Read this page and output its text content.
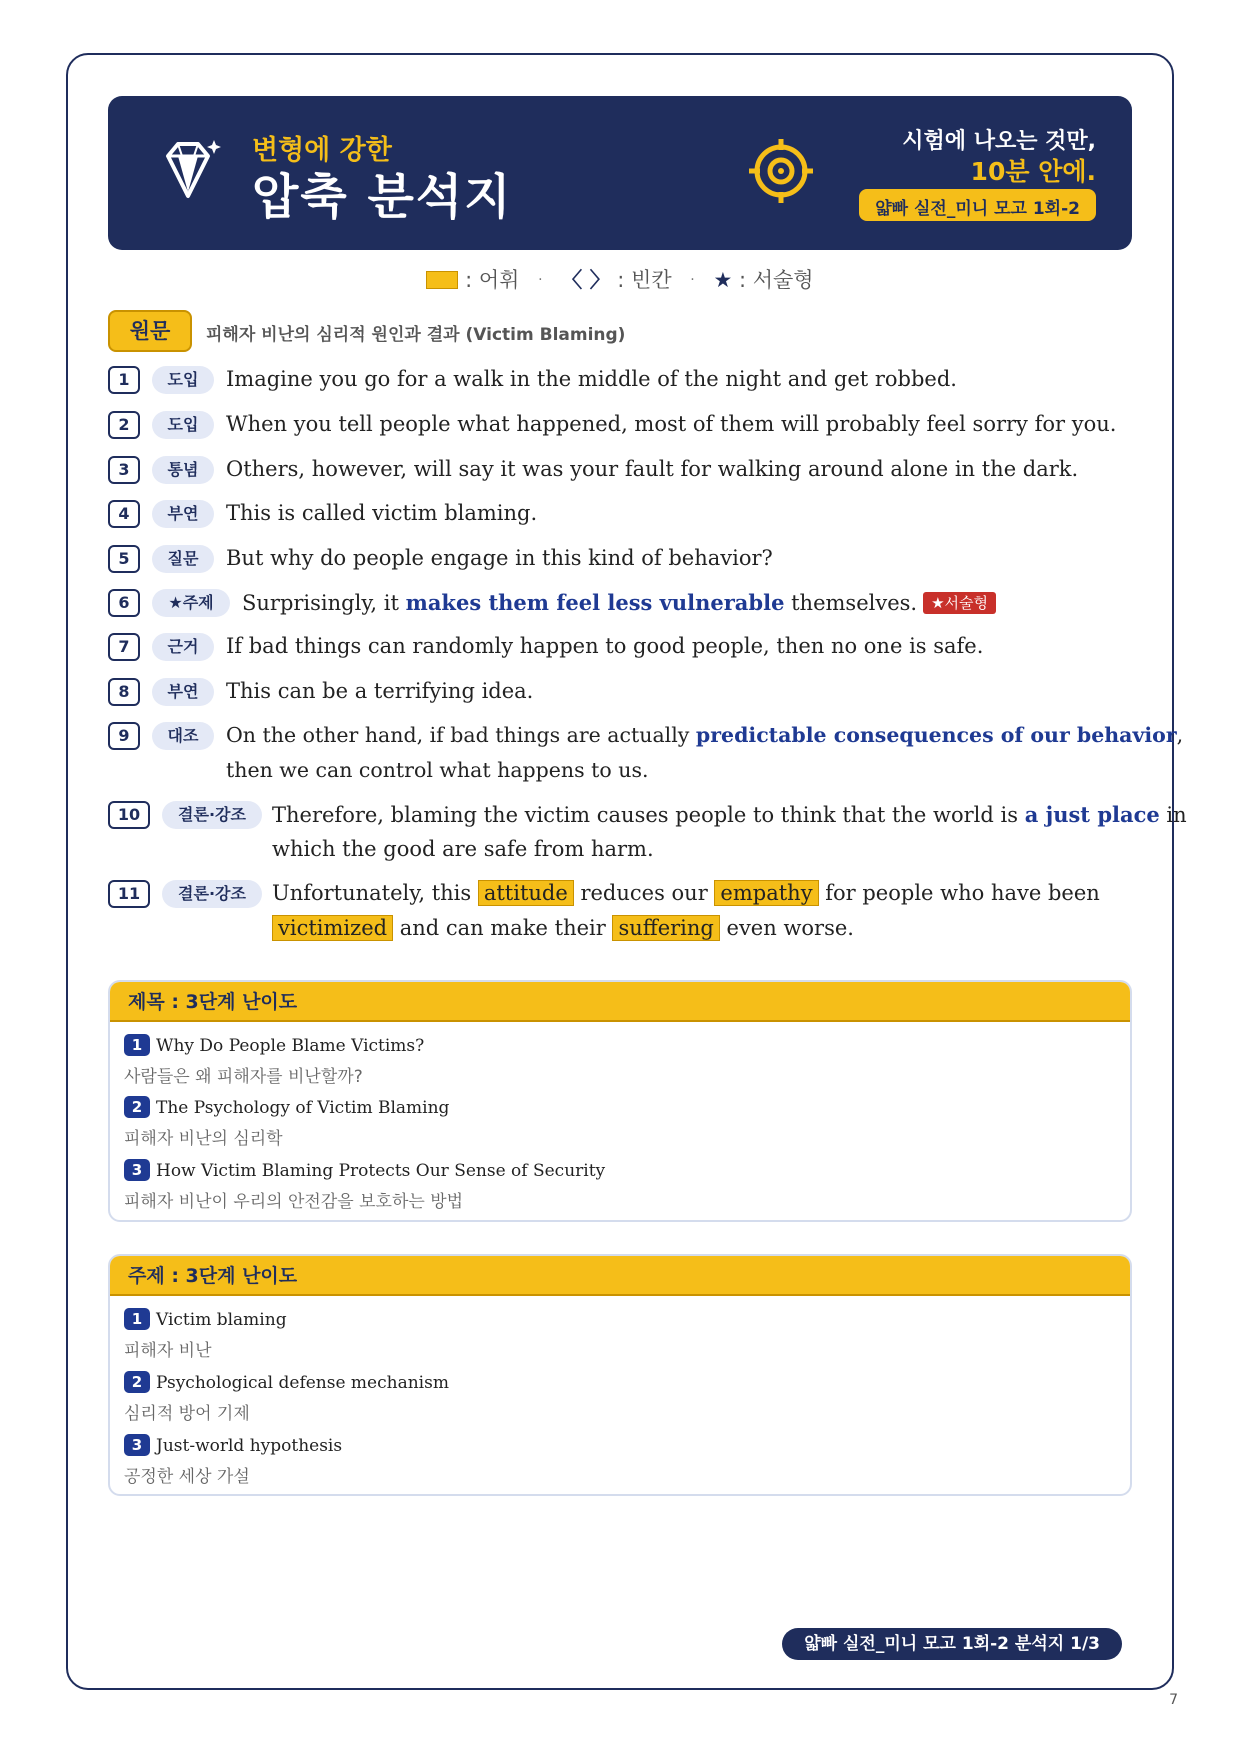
변형에 강한
압축 분석지
시험에 나오는 것만,
10분 안에.
얇빠 실전_미니 모고 1회-2
: 어휘 · 〈 〉 : 빈칸 · ★ : 서술형
원문	피해자 비난의 심리적 원인과 결과 (Victim Blaming)
1	도입	Imagine you go for a walk in the middle of the night and get robbed.
2	도입	When you tell people what happened, most of them will probably feel sorry for you.
3	통념	Others, however, will say it was your fault for walking around alone in the dark.
4	부연	This is called victim blaming.
5	질문	But why do people engage in this kind of behavior?
6	★주제	Surprisingly, it makes them feel less vulnerable themselves. ★서술형
7	근거	If bad things can randomly happen to good people, then no one is safe.
8	부연	This can be a terrifying idea.
9	대조	On the other hand, if bad things are actually predictable consequences of our behavior,
then we can control what happens to us.
10	결론·강조	Therefore, blaming the victim causes people to think that the world is a just place in
which the good are safe from harm.
11	결론·강조	Unfortunately, this attitude reduces our empathy for people who have been
victimized and can make their suffering even worse.
제목 : 3단계 난이도
1 Why Do People Blame Victims?
사람들은 왜 피해자를 비난할까?
2 The Psychology of Victim Blaming
피해자 비난의 심리학
3 How Victim Blaming Protects Our Sense of Security
피해자 비난이 우리의 안전감을 보호하는 방법
주제 : 3단계 난이도
1 Victim blaming
피해자 비난
2 Psychological defense mechanism
심리적 방어 기제
3 Just-world hypothesis
공정한 세상 가설
얇빠 실전_미니 모고 1회-2 분석지 1/3
7
